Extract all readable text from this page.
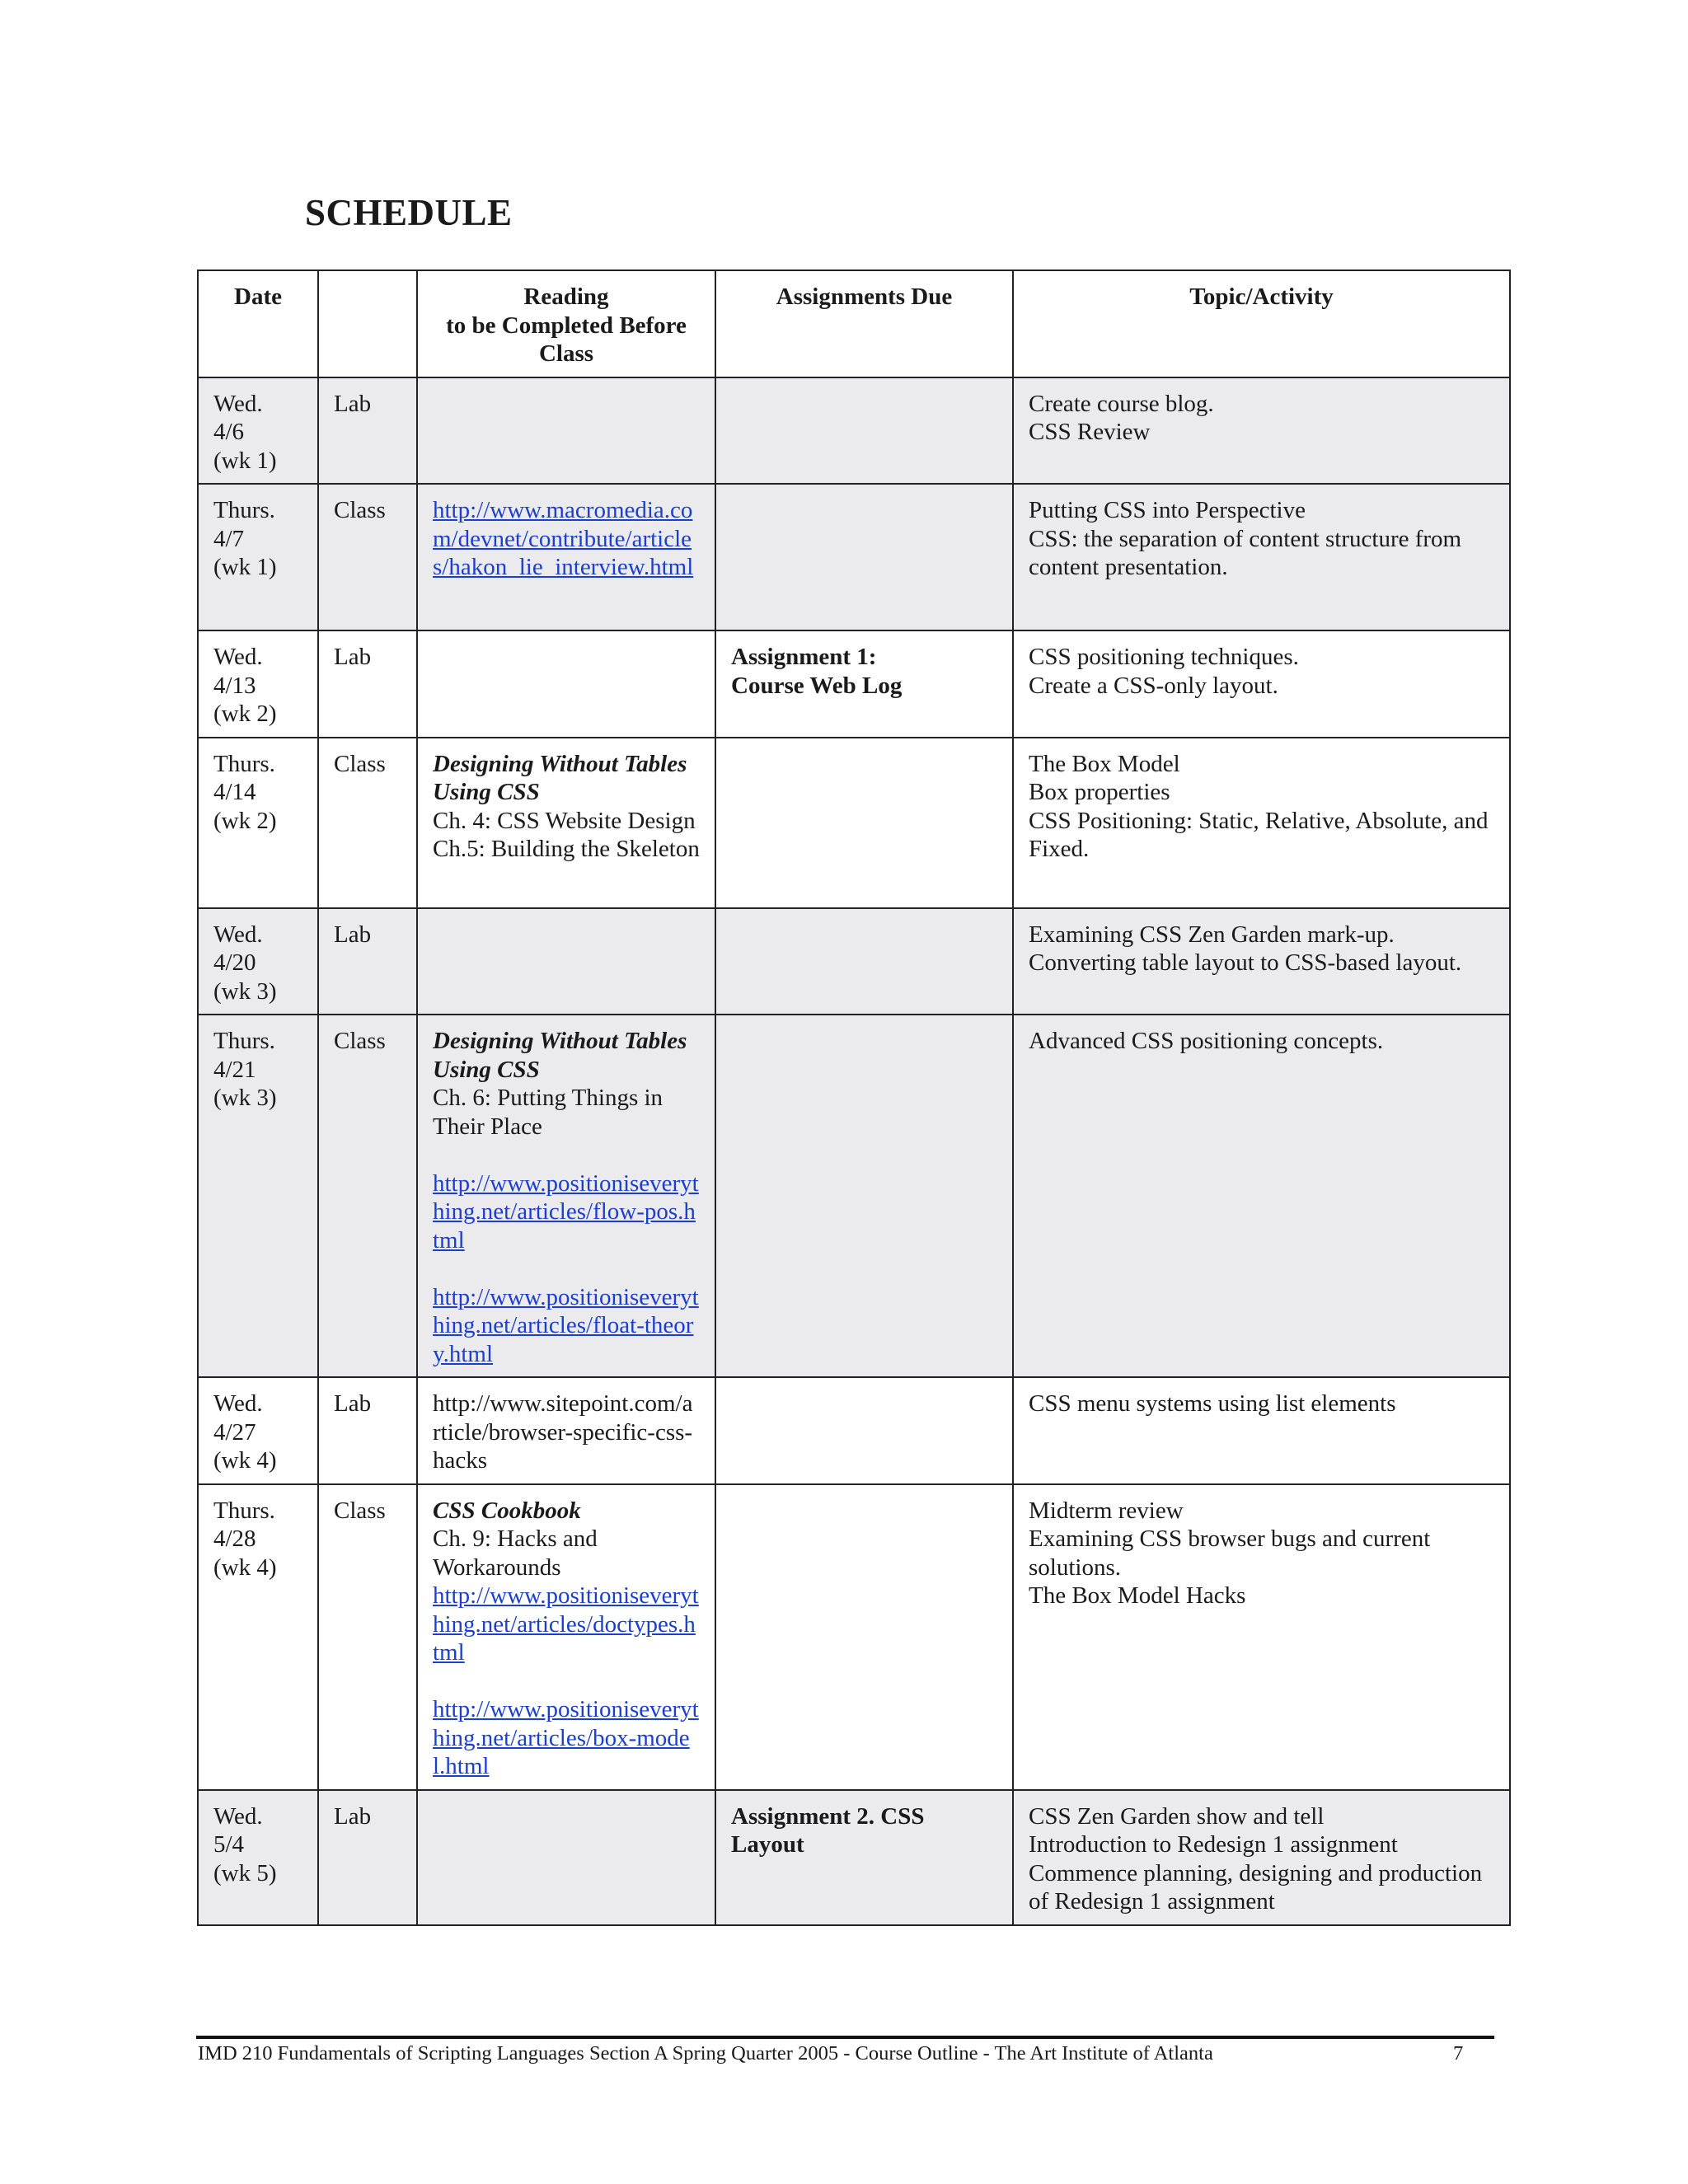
SCHEDULE
Date		Reading
to be Completed Before
Class	Assignments Due	Topic/Activity

Wed.
4/6
(wk 1)	Lab			Create course blog.
CSS Review

Thurs.
4/7
(wk 1)	Class	http://www.macromedia.com/devnet/contribute/articles/hakon_lie_interview.html		Putting CSS into Perspective
CSS: the separation of content structure from content presentation.

Wed.
4/13
(wk 2)	Lab		Assignment 1:
Course Web Log	CSS positioning techniques.
Create a CSS-only layout.

Thurs.
4/14
(wk 2)	Class	Designing Without Tables Using CSS
Ch. 4: CSS Website Design
Ch.5: Building the Skeleton		The Box Model
Box properties
CSS Positioning: Static, Relative, Absolute, and Fixed.

Wed.
4/20
(wk 3)	Lab			Examining CSS Zen Garden mark-up.
Converting table layout to CSS-based layout.

Thurs.
4/21
(wk 3)	Class	Designing Without Tables Using CSS
Ch. 6: Putting Things in Their Place
http://www.positioniseverything.net/articles/flow-pos.html
http://www.positioniseverything.net/articles/float-theory.html		Advanced CSS positioning concepts.

Wed.
4/27
(wk 4)	Lab	http://www.sitepoint.com/article/browser-specific-css-hacks		CSS menu systems using list elements

Thurs.
4/28
(wk 4)	Class	CSS Cookbook
Ch. 9: Hacks and Workarounds
http://www.positioniseverything.net/articles/doctypes.html
http://www.positioniseverything.net/articles/box-model.html		Midterm review
Examining CSS browser bugs and current solutions.
The Box Model Hacks

Wed.
5/4
(wk 5)	Lab		Assignment 2. CSS Layout	CSS Zen Garden show and tell
Introduction to Redesign 1 assignment
Commence planning, designing and production of Redesign 1 assignment
IMD 210 Fundamentals of Scripting Languages Section A Spring Quarter 2005 - Course Outline - The Art Institute of Atlanta	7
